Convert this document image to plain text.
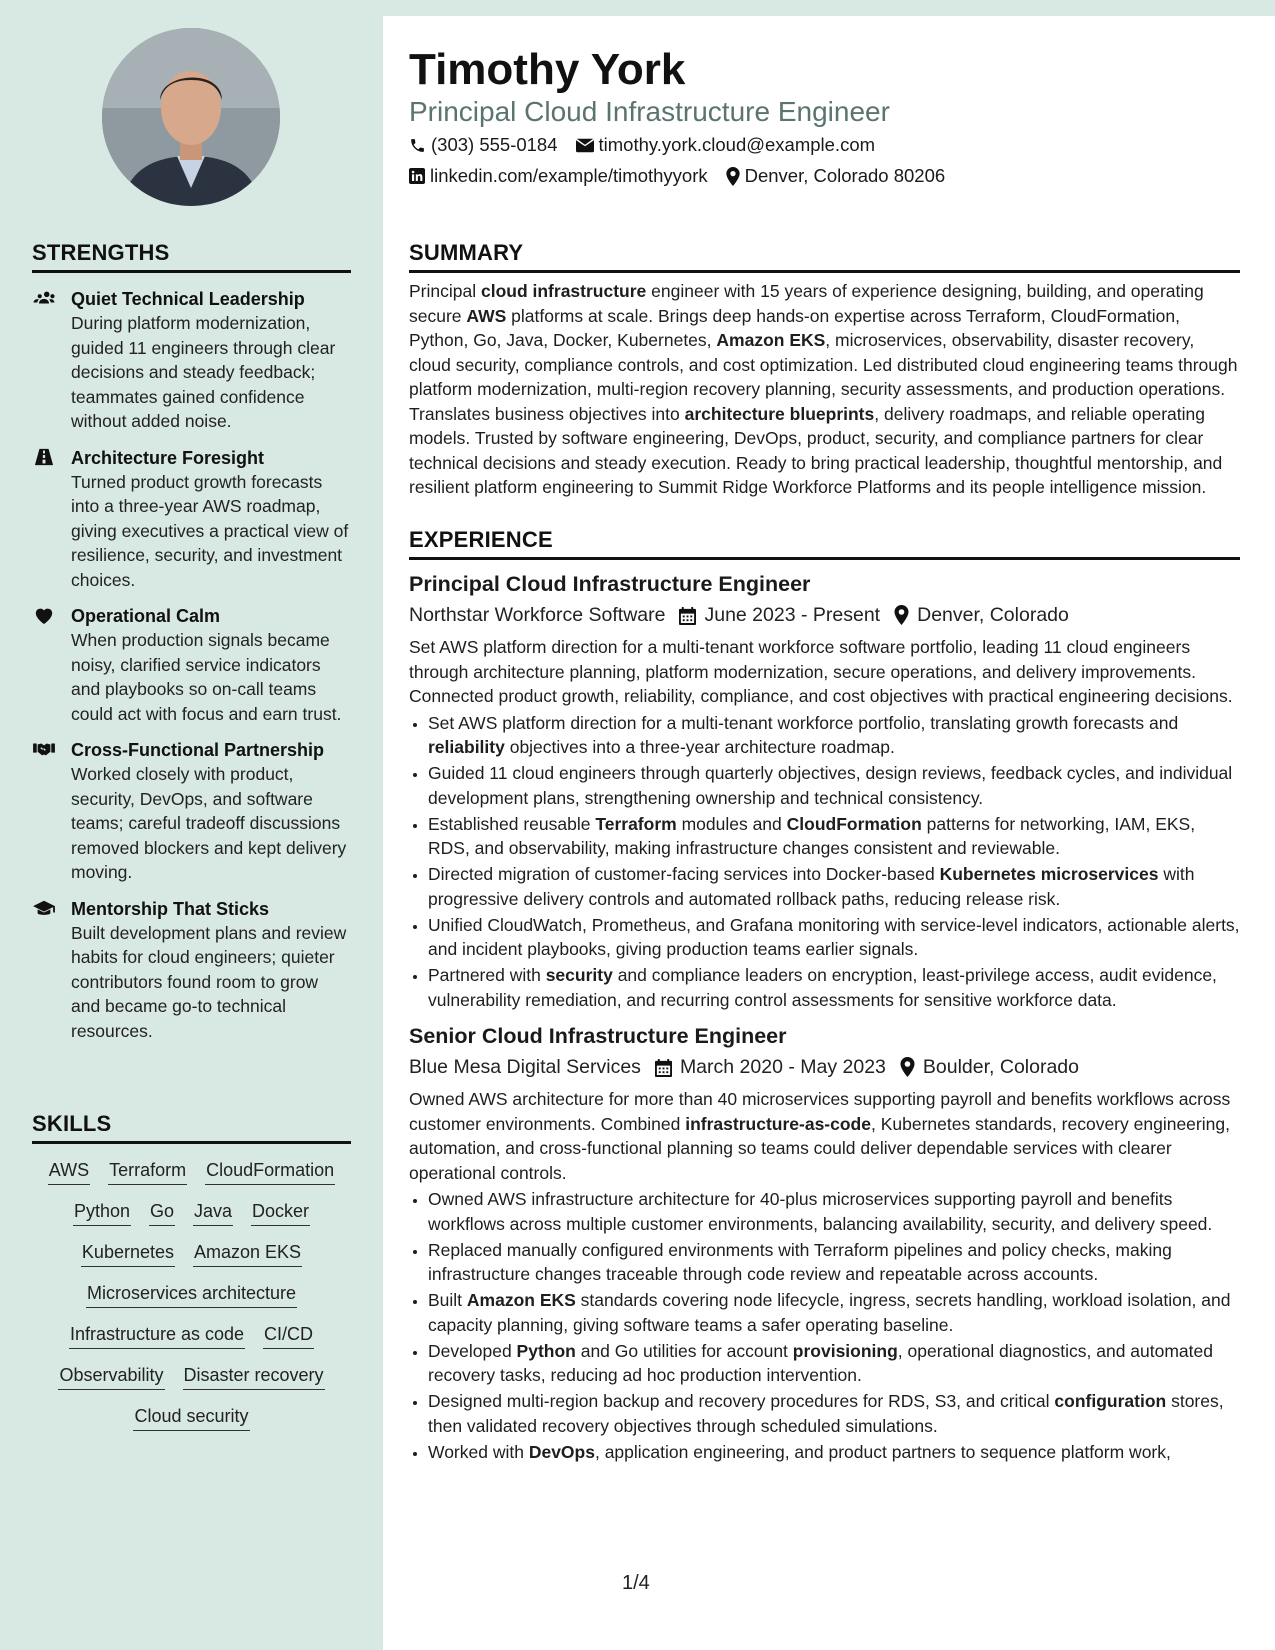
STRENGTHS
Quiet Technical Leadership
During platform modernization, guided 11 engineers through clear decisions and steady feedback; teammates gained confidence without added noise.
Architecture Foresight
Turned product growth forecasts into a three-year AWS roadmap, giving executives a practical view of resilience, security, and investment choices.
Operational Calm
When production signals became noisy, clarified service indicators and playbooks so on-call teams could act with focus and earn trust.
Cross-Functional Partnership
Worked closely with product, security, DevOps, and software teams; careful tradeoff discussions removed blockers and kept delivery moving.
Mentorship That Sticks
Built development plans and review habits for cloud engineers; quieter contributors found room to grow and became go-to technical resources.
SKILLS
AWS Terraform CloudFormation
Python Go Java Docker
Kubernetes Amazon EKS
Microservices architecture
Infrastructure as code CI/CD
Observability Disaster recovery
Cloud security
Timothy York
Principal Cloud Infrastructure Engineer
(303) 555-0184 timothy.york.cloud@example.com
linkedin.com/example/timothyyork Denver, Colorado 80206
SUMMARY

Principal cloud infrastructure engineer with 15 years of experience designing, building, and operating secure AWS platforms at scale. Brings deep hands-on expertise across Terraform, CloudFormation, Python, Go, Java, Docker, Kubernetes, Amazon EKS, microservices, observability, disaster recovery, cloud security, compliance controls, and cost optimization. Led distributed cloud engineering teams through platform modernization, multi-region recovery planning, security assessments, and production operations. Translates business objectives into architecture blueprints, delivery roadmaps, and reliable operating models. Trusted by software engineering, DevOps, product, security, and compliance partners for clear technical decisions and steady execution. Ready to bring practical leadership, thoughtful mentorship, and resilient platform engineering to Summit Ridge Workforce Platforms and its people intelligence mission.

EXPERIENCE
Principal Cloud Infrastructure Engineer
Northstar Workforce Software June 2023 - Present Denver, Colorado

Set AWS platform direction for a multi-tenant workforce software portfolio, leading 11 cloud engineers through architecture planning, platform modernization, secure operations, and delivery improvements. Connected product growth, reliability, compliance, and cost objectives with practical engineering decisions.

• Set AWS platform direction for a multi-tenant workforce portfolio, translating growth forecasts and reliability objectives into a three-year architecture roadmap.
• Guided 11 cloud engineers through quarterly objectives, design reviews, feedback cycles, and individual development plans, strengthening ownership and technical consistency.
• Established reusable Terraform modules and CloudFormation patterns for networking, IAM, EKS, RDS, and observability, making infrastructure changes consistent and reviewable.
• Directed migration of customer-facing services into Docker-based Kubernetes microservices with progressive delivery controls and automated rollback paths, reducing release risk.
• Unified CloudWatch, Prometheus, and Grafana monitoring with service-level indicators, actionable alerts, and incident playbooks, giving production teams earlier signals.
• Partnered with security and compliance leaders on encryption, least-privilege access, audit evidence, vulnerability remediation, and recurring control assessments for sensitive workforce data.
Senior Cloud Infrastructure Engineer
Blue Mesa Digital Services March 2020 - May 2023 Boulder, Colorado

Owned AWS architecture for more than 40 microservices supporting payroll and benefits workflows across customer environments. Combined infrastructure-as-code, Kubernetes standards, recovery engineering, automation, and cross-functional planning so teams could deliver dependable services with clearer operational controls.

• Owned AWS infrastructure architecture for 40-plus microservices supporting payroll and benefits workflows across multiple customer environments, balancing availability, security, and delivery speed.
• Replaced manually configured environments with Terraform pipelines and policy checks, making infrastructure changes traceable through code review and repeatable across accounts.
• Built Amazon EKS standards covering node lifecycle, ingress, secrets handling, workload isolation, and capacity planning, giving software teams a safer operating baseline.
• Developed Python and Go utilities for account provisioning, operational diagnostics, and automated recovery tasks, reducing ad hoc production intervention.
• Designed multi-region backup and recovery procedures for RDS, S3, and critical configuration stores, then validated recovery objectives through scheduled simulations.
• Worked with DevOps, application engineering, and product partners to sequence platform work,
1/4
